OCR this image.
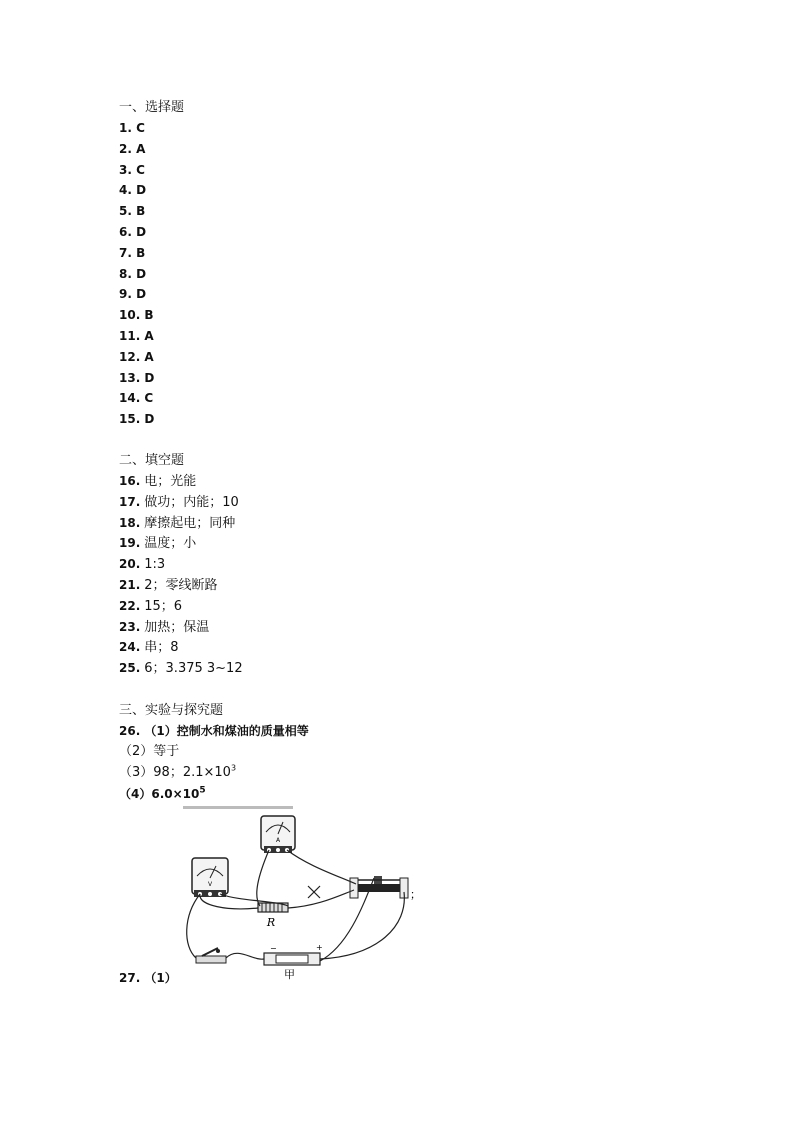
一、选择题
1. C
2. A
3. C
4. D
5. B
6. D
7. B
8. D
9. D
10. B
11. A
12. A
13. D
14. C
15. D
二、填空题
16. 电；光能
17. 做功；内能；10
18. 摩擦起电；同种
19. 温度；小
20. 1:3
21. 2；零线断路
22. 15；6
23. 加热；保温
24. 串；8
25. 6；3.375 3~12
三、实验与探究题
26. （1）控制水和煤油的质量相等
（2）等于
（3）98；$2.1\times 10^3$
$(4)6.0\times 10^5$
A
V
R
；
−	+
甲
27. （1）
